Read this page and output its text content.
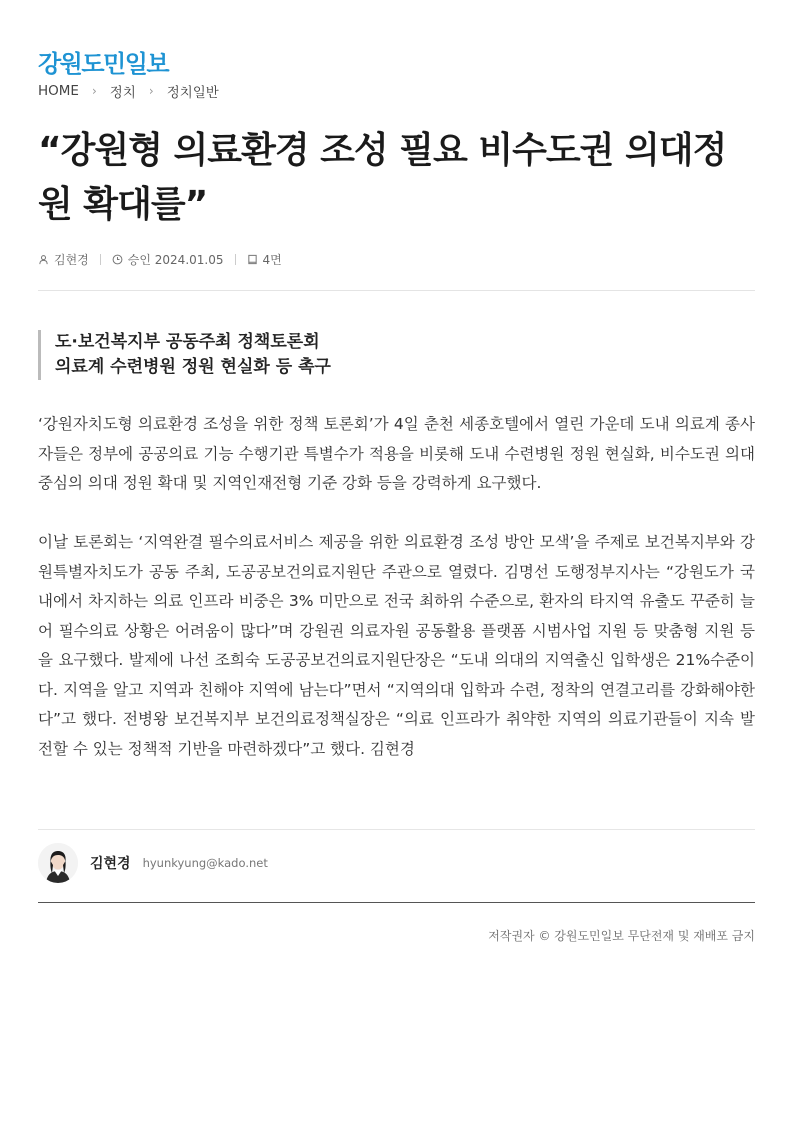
강원도민일보
HOME › 정치 › 정치일반
“강원형 의료환경 조성 필요 비수도권 의대정원 확대를”
김현경	승인 2024.01.05	4면
도·보건복지부 공동주최 정책토론회
의료계 수련병원 정원 현실화 등 촉구

‘강원자치도형 의료환경 조성을 위한 정책 토론회’가 4일 춘천 세종호텔에서 열린 가운데 도내 의료계 종사자들은 정부에 공공의료 기능 수행기관 특별수가 적용을 비롯해 도내 수련병원 정원 현실화, 비수도권 의대 중심의 의대 정원 확대 및 지역인재전형 기준 강화 등을 강력하게 요구했다.

이날 토론회는 ‘지역완결 필수의료서비스 제공을 위한 의료환경 조성 방안 모색’을 주제로 보건복지부와 강원특별자치도가 공동 주최, 도공공보건의료지원단 주관으로 열렸다. 김명선 도행정부지사는 “강원도가 국내에서 차지하는 의료 인프라 비중은 3% 미만으로 전국 최하위 수준으로, 환자의 타지역 유출도 꾸준히 늘어 필수의료 상황은 어려움이 많다”며 강원권 의료자원 공동활용 플랫폼 시범사업 지원 등 맞춤형 지원 등을 요구했다. 발제에 나선 조희숙 도공공보건의료지원단장은 “도내 의대의 지역출신 입학생은 21%수준이다. 지역을 알고 지역과 친해야 지역에 남는다”면서 “지역의대 입학과 수련, 정착의 연결고리를 강화해야한다”고 했다. 전병왕 보건복지부 보건의료정책실장은 “의료 인프라가 취약한 지역의 의료기관들이 지속 발전할 수 있는 정책적 기반을 마련하겠다”고 했다. 김현경

김현경 hyunkyung@kado.net
저작권자 © 강원도민일보 무단전재 및 재배포 금지
